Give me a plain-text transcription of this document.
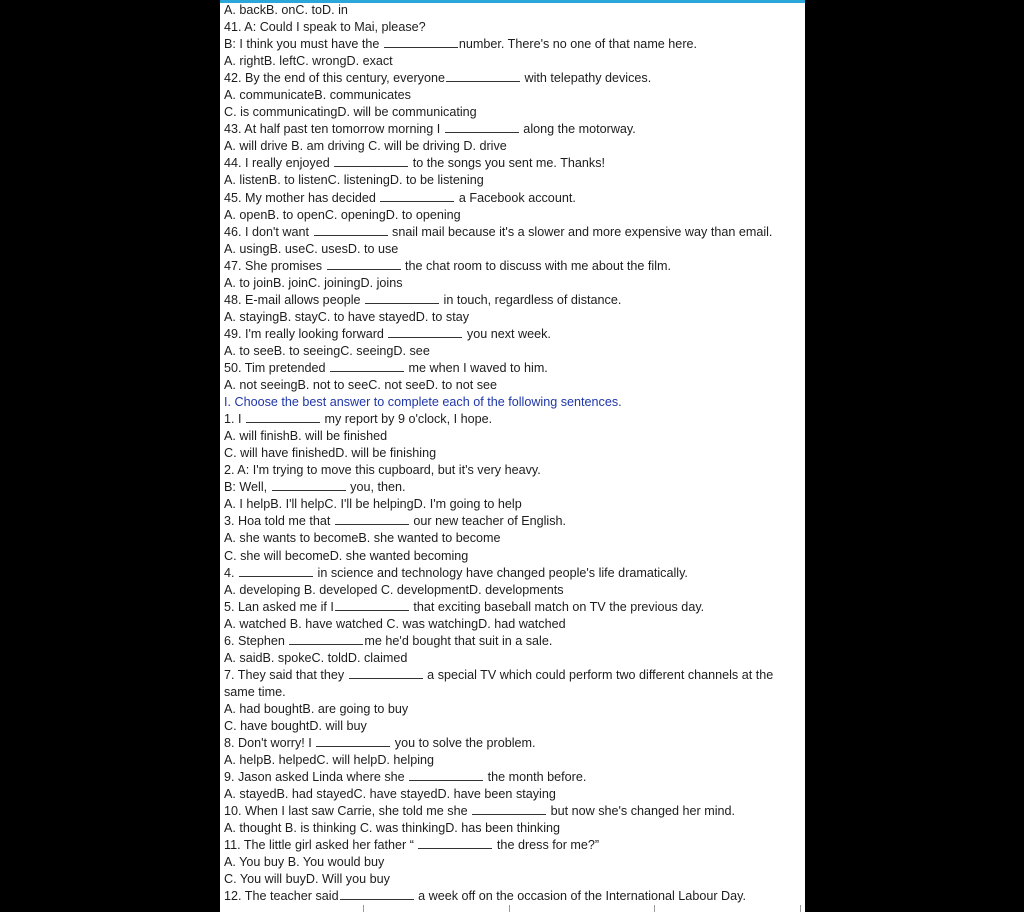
A. backB. onC. toD. in
41. A: Could I speak to Mai, please?
B: I think you must have the	number. There's no one of that name here.
A. rightB. leftC. wrongD. exact
42. By the end of this century, everyone	with telepathy devices.
A. communicateB. communicates
C. is communicatingD. will be communicating
43. At half past ten tomorrow morning I	along the motorway.
A. will drive B. am driving C. will be driving D. drive
44. I really enjoyed	to the songs you sent me. Thanks!
A. listenB. to listenC. listeningD. to be listening
45. My mother has decided	a Facebook account.
A. openB. to openC. openingD. to opening
46. I don't want	snail mail because it's a slower and more expensive way than email.
A. usingB. useC. usesD. to use
47. She promises	the chat room to discuss with me about the film.
A. to joinB. joinC. joiningD. joins
48. E-mail allows people	in touch, regardless of distance.
A. stayingB. stayC. to have stayedD. to stay
49. I'm really looking forward	you next week.
A. to seeB. to seeingC. seeingD. see
50. Tim pretended	me when I waved to him.
A. not seeingB. not to seeC. not seeD. to not see
I. Choose the best answer to complete each of the following sentences.
1. I	my report by 9 o'clock, I hope.
A. will finishB. will be finished
C. will have finishedD. will be finishing
2. A: I'm trying to move this cupboard, but it's very heavy.
B: Well,	you, then.
A. I helpB. I'll helpC. I'll be helpingD. I'm going to help
3. Hoa told me that	our new teacher of English.
A. she wants to becomeB. she wanted to become
C. she will becomeD. she wanted becoming
4.	in science and technology have changed people's life dramatically.
A. developing B. developed C. developmentD. developments
5. Lan asked me if I	that exciting baseball match on TV the previous day.
A. watched B. have watched C. was watchingD. had watched
6. Stephen	me he'd bought that suit in a sale.
A. saidB. spokeC. toldD. claimed
7. They said that they	a special TV which could perform two different channels at the
same time.
A. had boughtB. are going to buy
C. have boughtD. will buy
8. Don't worry! I	you to solve the problem.
A. helpB. helpedC. will helpD. helping
9. Jason asked Linda where she	the month before.
A. stayedB. had stayedC. have stayedD. have been staying
10. When I last saw Carrie, she told me she	but now she's changed her mind.
A. thought B. is thinking C. was thinkingD. has been thinking
11. The little girl asked her father “	the dress for me?”
A. You buy B. You would buy
C. You will buyD. Will you buy
12. The teacher said	a week off on the occasion of the International Labour Day.
